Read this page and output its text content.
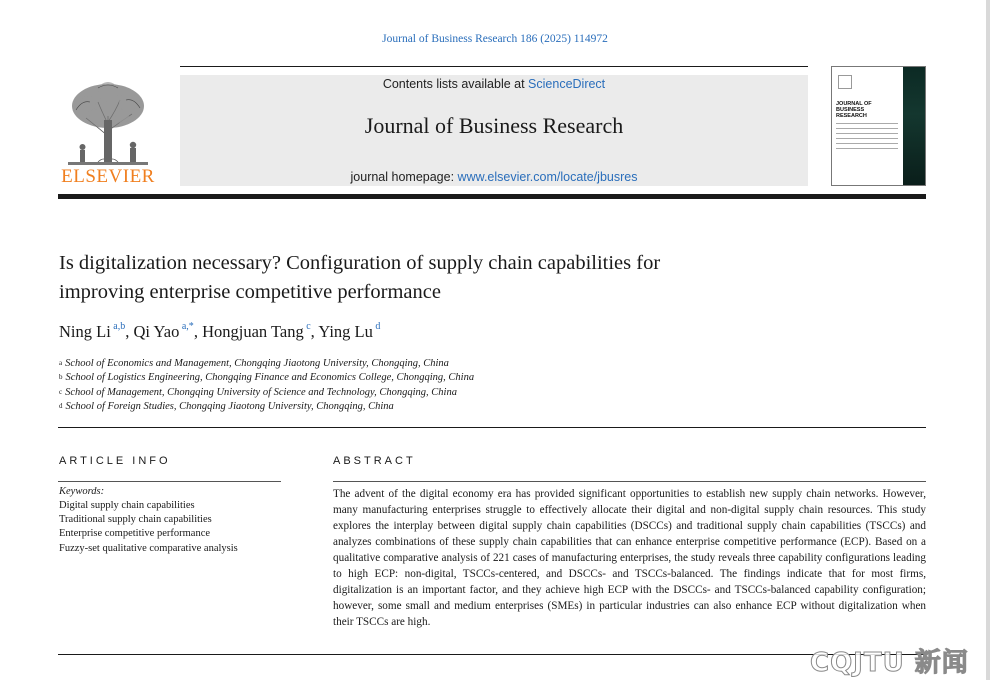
Journal of Business Research 186 (2025) 114972
ELSEVIER
Contents lists available at ScienceDirect
Journal of Business Research
journal homepage: www.elsevier.com/locate/jbusres
JOURNAL OF
BUSINESS
RESEARCH
Is digitalization necessary? Configuration of supply chain capabilities for
improving enterprise competitive performance
Ning Li $^{a,b}$, Qi Yao $^{a,*}$, Hongjuan Tang $^c$, Ying Lu $^d$
$^a$ School of Economics and Management, Chongqing Jiaotong University, Chongqing, China
$^b$ School of Logistics Engineering, Chongqing Finance and Economics College, Chongqing, China
$^c$ School of Management, Chongqing University of Science and Technology, Chongqing, China
$^d$ School of Foreign Studies, Chongqing Jiaotong University, Chongqing, China
ARTICLE INFO
Keywords:
Digital supply chain capabilities
Traditional supply chain capabilities
Enterprise competitive performance
Fuzzy-set qualitative comparative analysis
ABSTRACT
The advent of the digital economy era has provided significant opportunities to establish new supply chain networks. However, many manufacturing enterprises struggle to effectively allocate their digital and non-digital supply chain resources. This study explores the interplay between digital supply chain capabilities (DSCCs) and traditional supply chain capabilities (TSCCs) and analyzes combinations of these supply chain capabilities that can enhance enterprise competitive performance (ECP). Based on a qualitative comparative analysis of 221 cases of manufacturing enterprises, the study reveals three capability configurations leading to high ECP: non-digital, TSCCs-centered, and DSCCs- and TSCCs-balanced. The findings indicate that for most firms, digitalization is an important factor, and they achieve high ECP with the DSCCs- and TSCCs-balanced capability configuration; however, some small and medium enterprises (SMEs) in particular industries can also enhance ECP without digitalization when their TSCCs are high.
CQJTU 新闻
